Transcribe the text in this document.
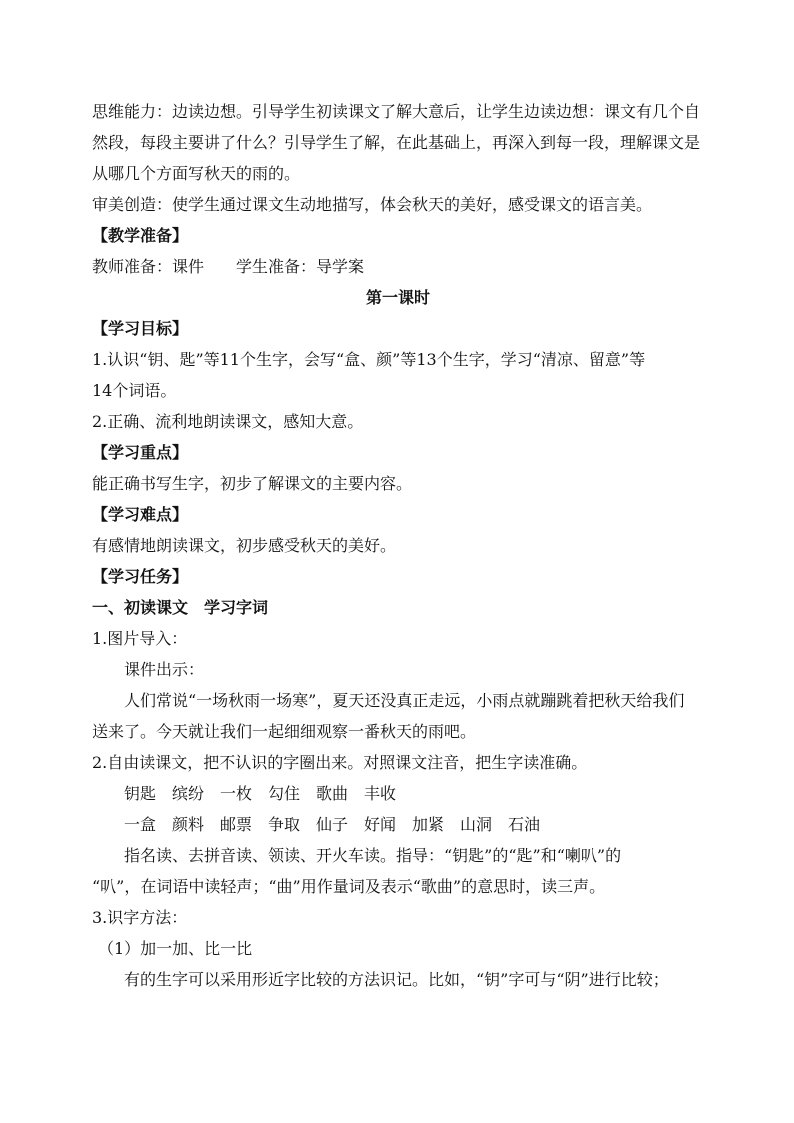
思维能力：边读边想。引导学生初读课文了解大意后，让学生边读边想：课文有几个自
然段，每段主要讲了什么？引导学生了解，在此基础上，再深入到每一段，理解课文是
从哪几个方面写秋天的雨的。
审美创造：使学生通过课文生动地描写，体会秋天的美好，感受课文的语言美。
【教学准备】
教师准备：课件　　学生准备：导学案
第一课时
【学习目标】
1.认识“钥、匙”等11个生字，会写“盒、颜”等13个生字，学习“清凉、留意”等
14个词语。
2.正确、流利地朗读课文，感知大意。
【学习重点】
能正确书写生字，初步了解课文的主要内容。
【学习难点】
有感情地朗读课文，初步感受秋天的美好。
【学习任务】
一、初读课文　学习字词
1.图片导入：
课件出示：
人们常说“一场秋雨一场寒”，夏天还没真正走远，小雨点就蹦跳着把秋天给我们
送来了。今天就让我们一起细细观察一番秋天的雨吧。
2.自由读课文，把不认识的字圈出来。对照课文注音，把生字读准确。
钥匙　缤纷　一枚　勾住　歌曲　丰收
一盒　颜料　邮票　争取　仙子　好闻　加紧　山洞　石油
指名读、去拼音读、领读、开火车读。指导：“钥匙”的“匙”和“喇叭”的
“叭”，在词语中读轻声；“曲”用作量词及表示“歌曲”的意思时，读三声。
3.识字方法：
（1）加一加、比一比
有的生字可以采用形近字比较的方法识记。比如，“钥”字可与“阴”进行比较；
